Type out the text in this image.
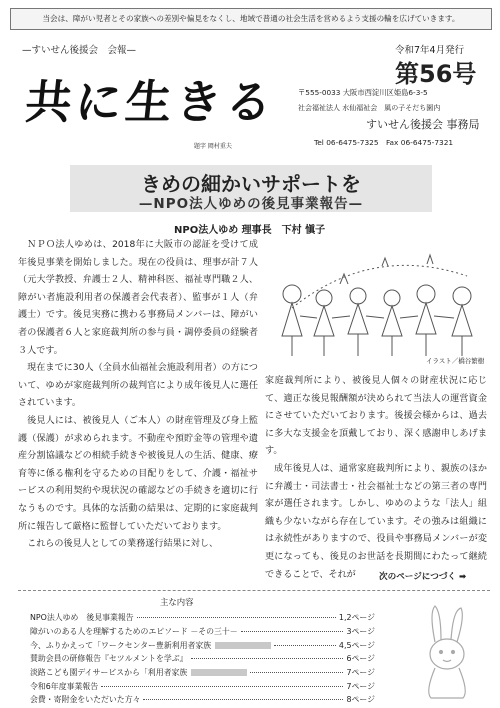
当会は、障がい児者とその家族への差別や偏見をなくし、地域で普通の社会生活を営めるよう支援の輪を広げていきます。
—すいせん後援会　会報—
共に生きる
題字 岡村重夫
令和7年4月発行
第56号
〒555-0033 大阪市西淀川区姫島6-3-5
社会福祉法人 水仙福祉会　風の子そだち園内
すいせん後援会 事務局
Tel 06-6475-7325　Fax 06-6475-7321
きめの細かいサポートを
—NPO法人ゆめの後見事業報告—
NPO法人ゆめ 理事長　下村 愼子

ＮＰＯ法人ゆめは、2018年に大阪市の認証を受けて成年後見事業を開始しました。現在の役員は、理事が計７人（元大学教授、弁護士２人、精神科医、福祉専門職２人、障がい者施設利用者の保護者会代表者）、監事が１人（弁護士）です。後見実務に携わる事務局メンバーは、障がい者の保護者６人と家庭裁判所の参与員・調停委員の経験者３人です。

現在までに30人（全員水仙福祉会施設利用者）の方について、ゆめが家庭裁判所の裁判官により成年後見人に選任されています。

後見人には、被後見人（ご本人）の財産管理及び身上監護（保護）が求められます。不動産や預貯金等の管理や遺産分割協議などの相続手続きや被後見人の生活、健康、療育等に係る権利を守るための目配りをして、介護・福祉サービスの利用契約や現状況の確認などの手続きを適切に行なうものです。具体的な活動の結果は、定期的に家庭裁判所に報告して厳格に監督していただいております。

これらの後見人としての業務遂行結果に対し、

イラスト／橋谷繁樹

家庭裁判所により、被後見人個々の財産状況に応じて、適正な後見報酬額が決められて当法人の運営資金にさせていただいております。後援会様からは、過去に多大な支援金を頂戴しており、深く感謝申しあげます。

成年後見人は、通常家庭裁判所により、親族のほかに弁護士・司法書士・社会福祉士などの第三者の専門家が選任されます。しかし、ゆめのような「法人」組織も少ないながら存在しています。その強みは組織には永続性がありますので、役員や事務局メンバーが変更になっても、後見のお世話を長期間にわたって継続できることで、それが	次のページにつづく ➡
主な内容
NPO法人ゆめ　後見事業報告	1,2ページ
障がいのある人を理解するためのエピソード －その三十－	3ページ
今、ふりかえって「ワークセンター豊新利用者家族	4,5ページ
賛助会員の研修報告『セツルメントを学ぶ』	6ページ
淡路こども園デイサービスから「利用者家族	7ページ
令和6年度事業報告	7ページ
会費・寄附金をいただいた方々	8ページ
